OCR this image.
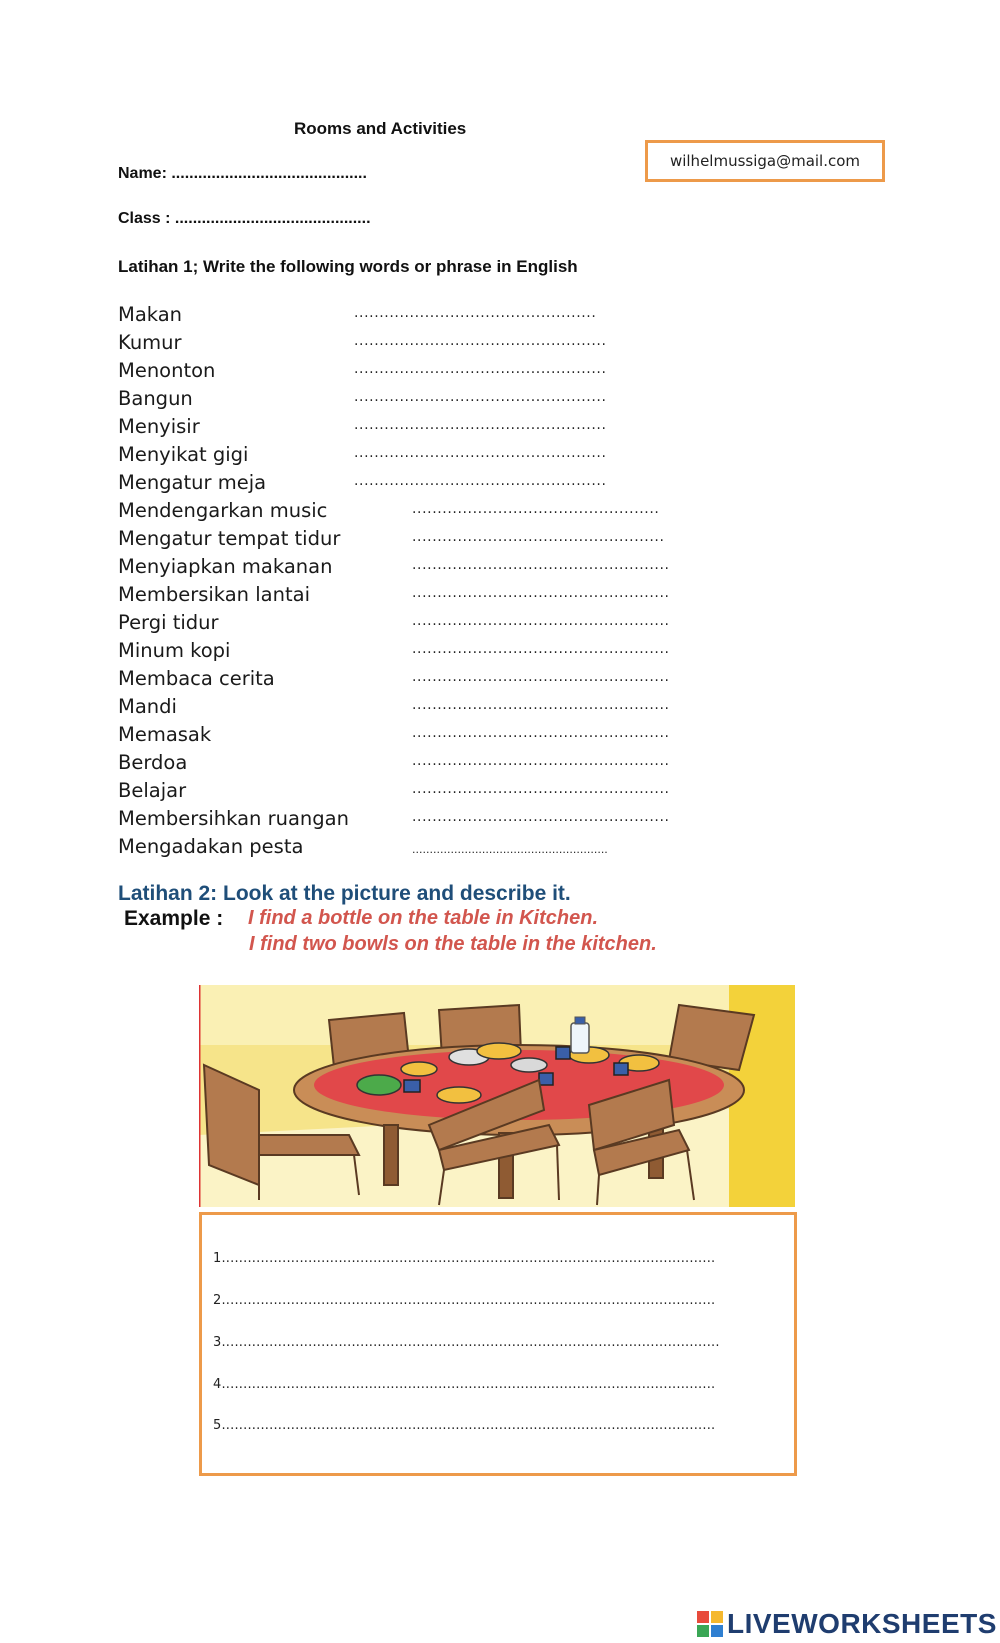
Rooms and Activities
Name: ............................................
Class : ............................................
wilhelmussiga@mail.com
Latihan 1; Write the following words or phrase in English
Makan	................................................
Kumur	..................................................
Menonton	..................................................
Bangun	..................................................
Menyisir	..................................................
Menyikat gigi	..................................................
Mengatur meja	..................................................
Mendengarkan music	.................................................
Mengatur tempat tidur	..................................................
Menyiapkan makanan	...................................................
Membersikan lantai	...................................................
Pergi tidur	...................................................
Minum kopi	...................................................
Membaca cerita	...................................................
Mandi	...................................................
Memasak	...................................................
Berdoa	...................................................
Belajar	...................................................
Membersihkan ruangan	...................................................
Mengadakan pesta	........................................................
Latihan 2: Look at the picture and describe it.
Example : I find a bottle on the table in Kitchen.
I find two bowls on the table in the kitchen.
1..................................................................................................................
2..................................................................................................................
3...................................................................................................................
4..................................................................................................................
5..................................................................................................................
LIVEWORKSHEETS
